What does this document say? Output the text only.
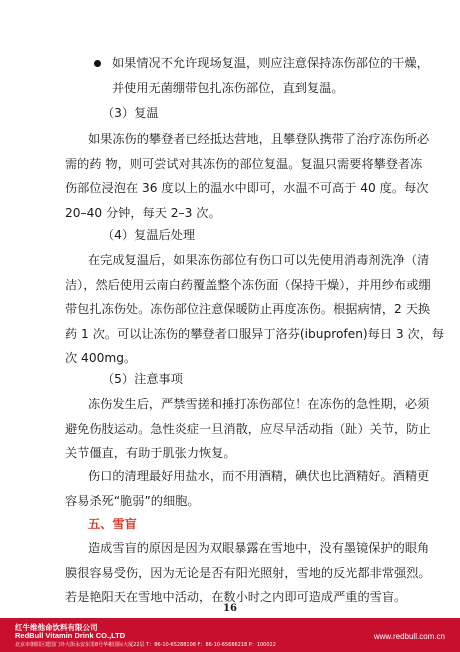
如果情况不允许现场复温，则应注意保持冻伤部位的干燥，
并使用无菌绷带包扎冻伤部位，直到复温。
（3）复温
如果冻伤的攀登者已经抵达营地，且攀登队携带了治疗冻伤所必
需的药 物，则可尝试对其冻伤的部位复温。复温只需要将攀登者冻
伤部位浸泡在 36 度以上的温水中即可，水温不可高于 40 度。每次
20–40 分钟，每天 2–3 次。
（4）复温后处理
在完成复温后，如果冻伤部位有伤口可以先使用消毒剂洗净（清
洁），然后使用云南白药覆盖整个冻伤面（保持干燥），并用纱布或绷
带包扎冻伤处。冻伤部位注意保暖防止再度冻伤。根据病情，2 天换
药 1 次。可以让冻伤的攀登者口服异丁洛芬(ibuprofen)每日 3 次，每
次 400mg。
（5）注意事项
冻伤发生后，严禁雪搓和捶打冻伤部位！在冻伤的急性期，必须
避免伤肢运动。急性炎症一旦消散，应尽早活动指（趾）关节，防止
关节僵直，有助于肌张力恢复。
伤口的清理最好用盐水，而不用酒精，碘伏也比酒精好。酒精更
容易杀死“脆弱”的细胞。
五、雪盲
造成雪盲的原因是因为双眼暴露在雪地中，没有墨镜保护的眼角
膜很容易受伤，因为无论是否有阳光照射，雪地的反光都非常强烈。
若是艳阳天在雪地中活动，在数小时之内即可造成严重的雪盲。
16
红牛维他命饮料有限公司
RedBull Vitamin Drink CO.,LTD
北京市朝阳区建国门外大街永安东里8号华彬国际大厦22层 T：86-10-65288108 F：86-10-65686218 P：100022
www.redbull.com.cn
